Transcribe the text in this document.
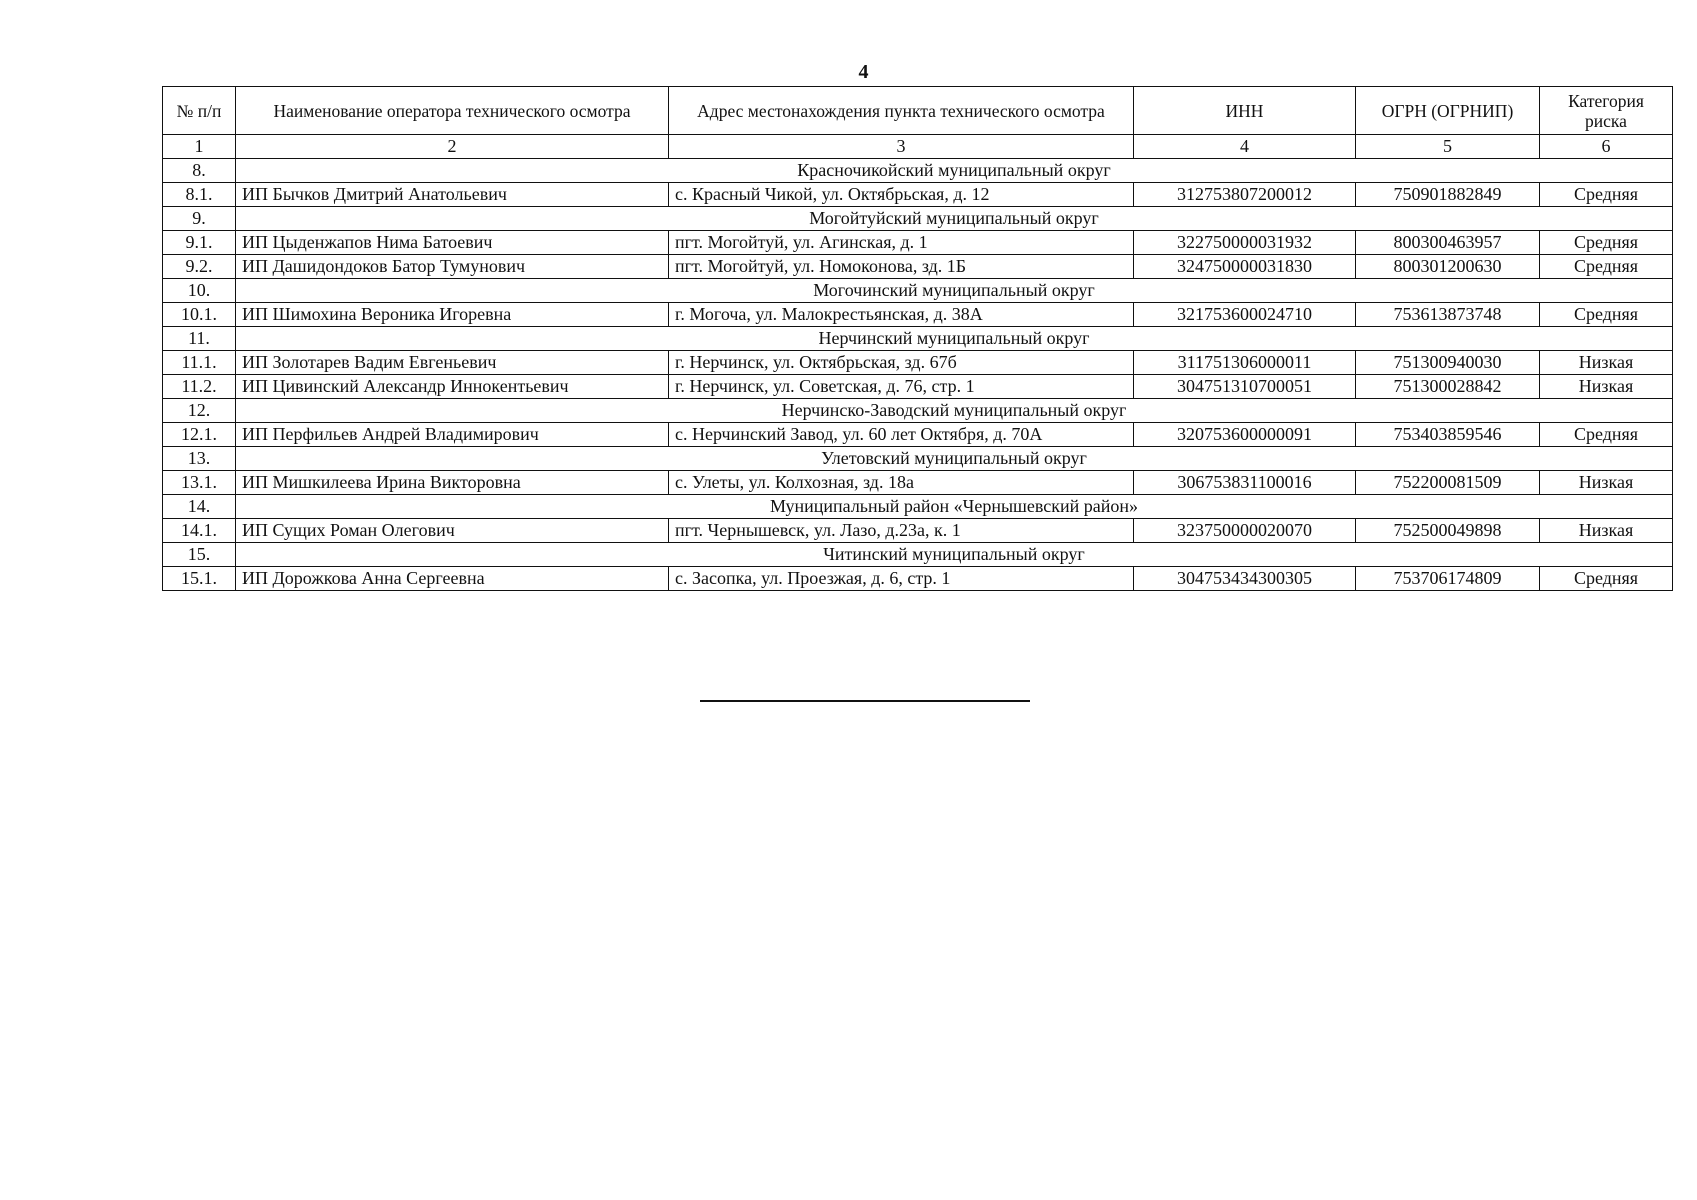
4
№ п/п	Наименование оператора технического осмотра	Адрес местонахождения пункта технического осмотра	ИНН	ОГРН (ОГРНИП)	Категория риска
1	2	3	4	5	6
8.	Красночикойский муниципальный округ				
8.1.	ИП Бычков Дмитрий Анатольевич	с. Красный Чикой, ул. Октябрьская, д. 12	312753807200012	750901882849	Средняя
9.	Могойтуйский муниципальный округ				
9.1.	ИП Цыденжапов Нима Батоевич	пгт. Могойтуй, ул. Агинская, д. 1	322750000031932	800300463957	Средняя
9.2.	ИП Дашидондоков Батор Тумунович	пгт. Могойтуй, ул. Номоконова, зд. 1Б	324750000031830	800301200630	Средняя
10.	Могочинский муниципальный округ				
10.1.	ИП Шимохина Вероника Игоревна	г. Могоча, ул. Малокрестьянская, д. 38А	321753600024710	753613873748	Средняя
11.	Нерчинский муниципальный округ				
11.1.	ИП Золотарев Вадим Евгеньевич	г. Нерчинск, ул. Октябрьская, зд. 67б	311751306000011	751300940030	Низкая
11.2.	ИП Цивинский Александр Иннокентьевич	г. Нерчинск, ул. Советская, д. 76, стр. 1	304751310700051	751300028842	Низкая
12.	Нерчинско-Заводский муниципальный округ				
12.1.	ИП Перфильев Андрей Владимирович	с. Нерчинский Завод, ул. 60 лет Октября, д. 70А	320753600000091	753403859546	Средняя
13.	Улетовский муниципальный округ				
13.1.	ИП Мишкилеева Ирина Викторовна	с. Улеты, ул. Колхозная, зд. 18а	306753831100016	752200081509	Низкая
14.	Муниципальный район «Чернышевский район»				
14.1.	ИП Сущих Роман Олегович	пгт. Чернышевск, ул. Лазо, д.23а, к. 1	323750000020070	752500049898	Низкая
15.	Читинский муниципальный округ				
15.1.	ИП Дорожкова Анна Сергеевна	с. Засопка, ул. Проезжая, д. 6, стр. 1	304753434300305	753706174809	Средняя
